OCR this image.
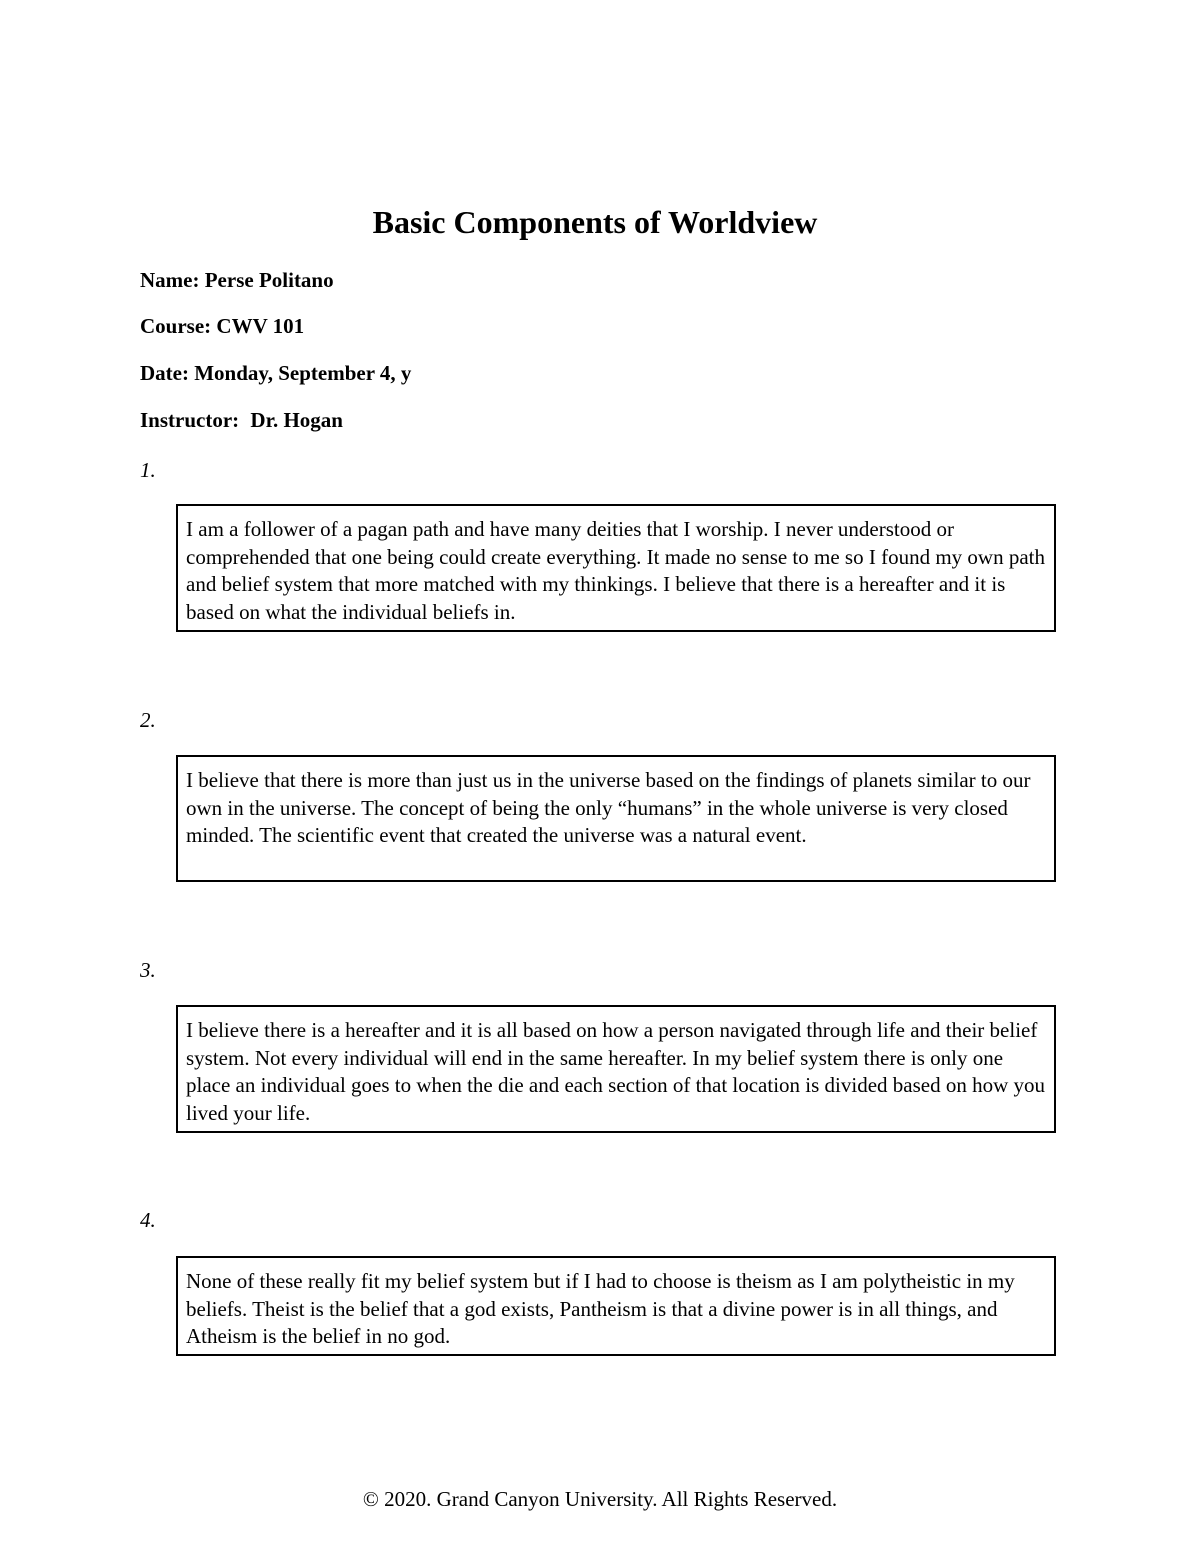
Basic Components of Worldview

Name: Perse Politano

Course: CWV 101

Date: Monday, September 4, y

Instructor: Dr. Hogan

1.

I am a follower of a pagan path and have many deities that I worship. I never understood or comprehended that one being could create everything. It made no sense to me so I found my own path and belief system that more matched with my thinkings. I believe that there is a hereafter and it is based on what the individual beliefs in.

2.

I believe that there is more than just us in the universe based on the findings of planets similar to our own in the universe. The concept of being the only “humans” in the whole universe is very closed minded. The scientific event that created the universe was a natural event.

3.

I believe there is a hereafter and it is all based on how a person navigated through life and their belief system. Not every individual will end in the same hereafter. In my belief system there is only one place an individual goes to when the die and each section of that location is divided based on how you lived your life.

4.

None of these really fit my belief system but if I had to choose is theism as I am polytheistic in my beliefs. Theist is the belief that a god exists, Pantheism is that a divine power is in all things, and Atheism is the belief in no god.

© 2020. Grand Canyon University. All Rights Reserved.
